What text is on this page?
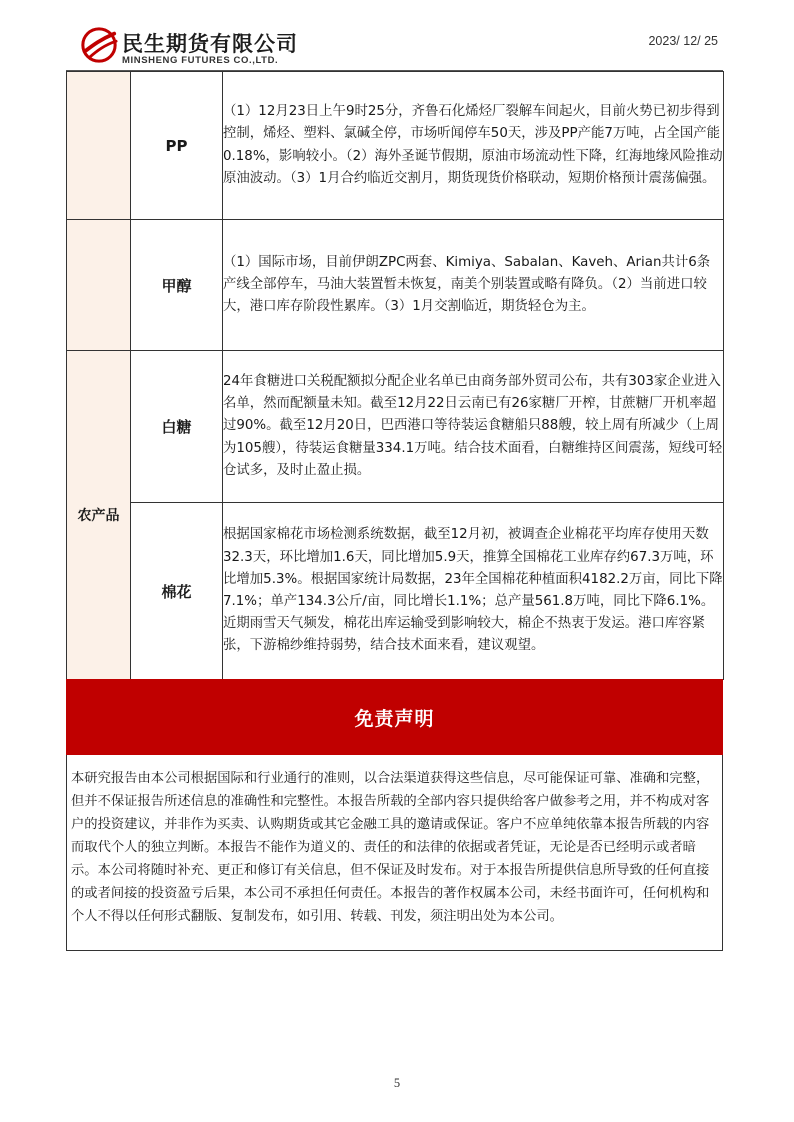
民生期货有限公司
MINSHENG FUTURES CO.,LTD.
2023/ 12/ 25
	PP	（1）12月23日上午9时25分，齐鲁石化烯烃厂裂解车间起火，目前火势已初步得到控制，烯烃、塑料、氯碱全停，市场听闻停车50天，涉及PP产能7万吨，占全国产能0.18%，影响较小。（2）海外圣诞节假期，原油市场流动性下降，红海地缘风险推动原油波动。（3）1月合约临近交割月，期货现货价格联动，短期价格预计震荡偏强。
	甲醇	（1）国际市场，目前伊朗ZPC两套、Kimiya、Sabalan、Kaveh、Arian共计6条产线全部停车，马油大装置暂未恢复，南美个别装置或略有降负。（2）当前进口较大，港口库存阶段性累库。（3）1月交割临近，期货轻仓为主。
农产品	白糖	24年食糖进口关税配额拟分配企业名单已由商务部外贸司公布，共有303家企业进入名单，然而配额量未知。截至12月22日云南已有26家糖厂开榨，甘蔗糖厂开机率超过90%。截至12月20日，巴西港口等待装运食糖船只88艘，较上周有所减少（上周为105艘），待装运食糖量334.1万吨。结合技术面看，白糖维持区间震荡，短线可轻仓试多，及时止盈止损。
	棉花	根据国家棉花市场检测系统数据，截至12月初，被调查企业棉花平均库存使用天数32.3天，环比增加1.6天，同比增加5.9天，推算全国棉花工业库存约67.3万吨，环比增加5.3%。根据国家统计局数据，23年全国棉花种植面积4182.2万亩，同比下降7.1%；单产134.3公斤/亩，同比增长1.1%；总产量561.8万吨，同比下降6.1%。近期雨雪天气频发，棉花出库运输受到影响较大，棉企不热衷于发运。港口库容紧张，下游棉纱维持弱势，结合技术面来看，建议观望。
免责声明
本研究报告由本公司根据国际和行业通行的准则，以合法渠道获得这些信息，尽可能保证可靠、准确和完整，但并不保证报告所述信息的准确性和完整性。本报告所载的全部内容只提供给客户做参考之用，并不构成对客户的投资建议，并非作为买卖、认购期货或其它金融工具的邀请或保证。客户不应单纯依靠本报告所载的内容而取代个人的独立判断。本报告不能作为道义的、责任的和法律的依据或者凭证，无论是否已经明示或者暗示。本公司将随时补充、更正和修订有关信息，但不保证及时发布。对于本报告所提供信息所导致的任何直接的或者间接的投资盈亏后果，本公司不承担任何责任。本报告的著作权属本公司，未经书面许可，任何机构和个人不得以任何形式翻版、复制发布，如引用、转载、刊发，须注明出处为本公司。
5
